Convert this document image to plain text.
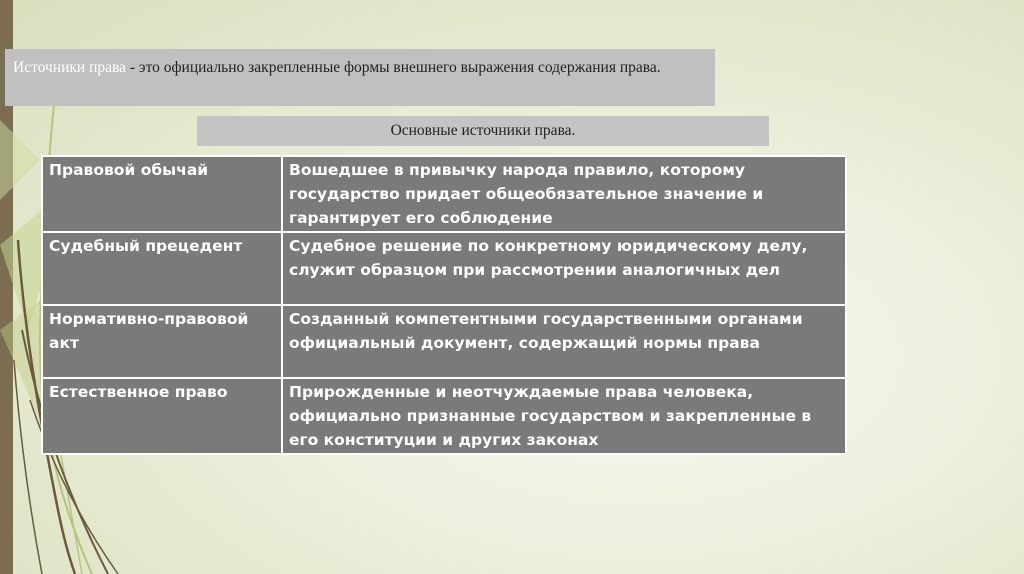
Источники права - это официально закрепленные формы внешнего выражения содержания права.
Основные источники права.
Правовой обычай	Вошедшее в привычку народа правило, которому государство придает общеобязательное значение и гарантирует его соблюдение
Судебный прецедент	Судебное решение по конкретному юридическому делу, служит образцом при рассмотрении аналогичных дел
Нормативно-правовой акт	Созданный компетентными государственными органами официальный документ, содержащий нормы права
Естественное право	Прирожденные и неотчуждаемые права человека, официально признанные государством и закрепленные в его конституции и других законах
